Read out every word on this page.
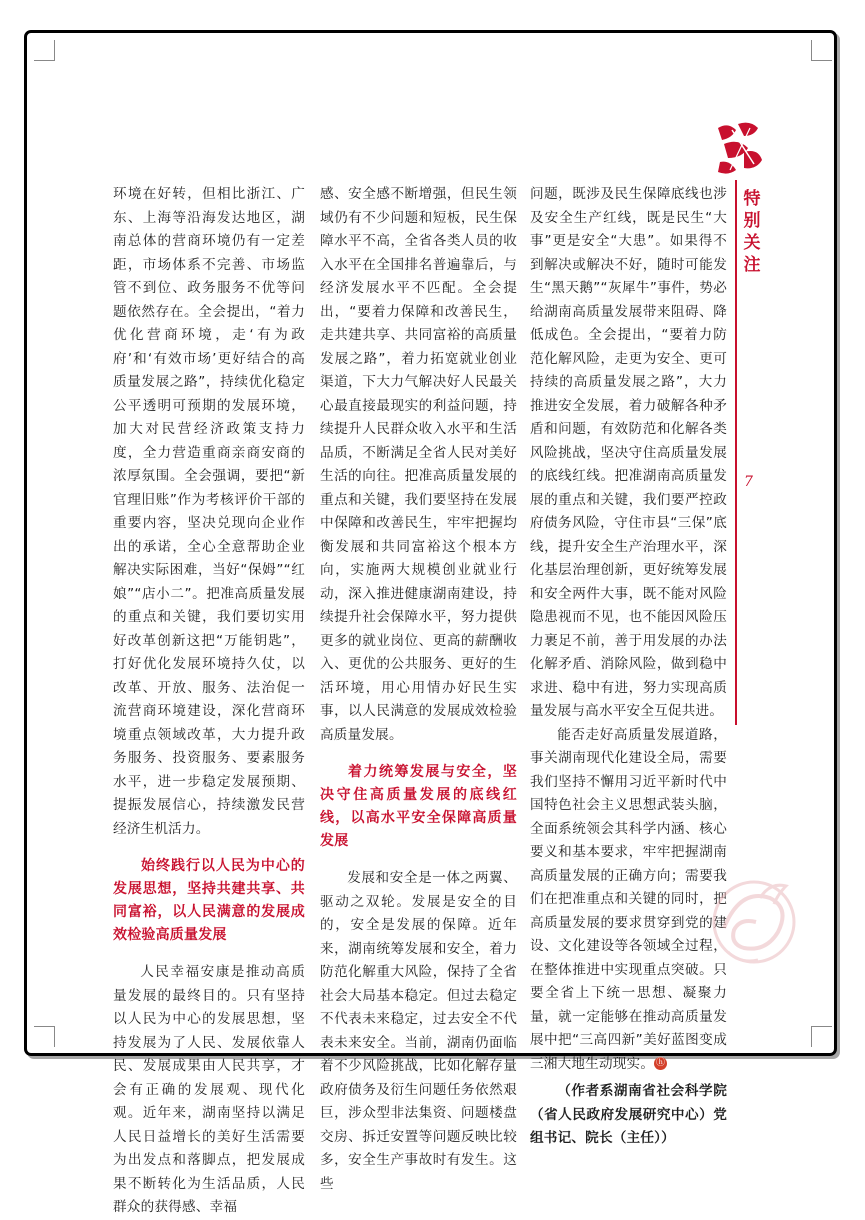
特
别
关
注
7

环境在好转，但相比浙江、广东、上海等沿海发达地区，湖南总体的营商环境仍有一定差距，市场体系不完善、市场监管不到位、政务服务不优等问题依然存在。全会提出，“着力优化营商环境，走‘有为政府’和‘有效市场’更好结合的高质量发展之路”，持续优化稳定公平透明可预期的发展环境，加大对民营经济政策支持力度，全力营造重商亲商安商的浓厚氛围。全会强调，要把“新官理旧账”作为考核评价干部的重要内容，坚决兑现向企业作出的承诺，全心全意帮助企业解决实际困难，当好“保姆”“红娘”“店小二”。把准高质量发展的重点和关键，我们要切实用好改革创新这把“万能钥匙”，打好优化发展环境持久仗，以改革、开放、服务、法治促一流营商环境建设，深化营商环境重点领域改革，大力提升政务服务、投资服务、要素服务水平，进一步稳定发展预期、提振发展信心，持续激发民营经济生机活力。

始终践行以人民为中心的发展思想，坚持共建共享、共同富裕，以人民满意的发展成效检验高质量发展

人民幸福安康是推动高质量发展的最终目的。只有坚持以人民为中心的发展思想，坚持发展为了人民、发展依靠人民、发展成果由人民共享，才会有正确的发展观、现代化观。近年来，湖南坚持以满足人民日益增长的美好生活需要为出发点和落脚点，把发展成果不断转化为生活品质，人民群众的获得感、幸福

感、安全感不断增强，但民生领域仍有不少问题和短板，民生保障水平不高，全省各类人员的收入水平在全国排名普遍靠后，与经济发展水平不匹配。全会提出，“要着力保障和改善民生，走共建共享、共同富裕的高质量发展之路”，着力拓宽就业创业渠道，下大力气解决好人民最关心最直接最现实的利益问题，持续提升人民群众收入水平和生活品质，不断满足全省人民对美好生活的向往。把准高质量发展的重点和关键，我们要坚持在发展中保障和改善民生，牢牢把握均衡发展和共同富裕这个根本方向，实施两大规模创业就业行动，深入推进健康湖南建设，持续提升社会保障水平，努力提供更多的就业岗位、更高的薪酬收入、更优的公共服务、更好的生活环境，用心用情办好民生实事，以人民满意的发展成效检验高质量发展。

着力统筹发展与安全，坚决守住高质量发展的底线红线，以高水平安全保障高质量发展

发展和安全是一体之两翼、驱动之双轮。发展是安全的目的，安全是发展的保障。近年来，湖南统筹发展和安全，着力防范化解重大风险，保持了全省社会大局基本稳定。但过去稳定不代表未来稳定，过去安全不代表未来安全。当前，湖南仍面临着不少风险挑战，比如化解存量政府债务及衍生问题任务依然艰巨，涉众型非法集资、问题楼盘交房、拆迁安置等问题反映比较多，安全生产事故时有发生。这些

问题，既涉及民生保障底线也涉及安全生产红线，既是民生“大事”更是安全“大患”。如果得不到解决或解决不好，随时可能发生“黑天鹅”“灰犀牛”事件，势必给湖南高质量发展带来阻碍、降低成色。全会提出，“要着力防范化解风险，走更为安全、更可持续的高质量发展之路”，大力推进安全发展，着力破解各种矛盾和问题，有效防范和化解各类风险挑战，坚决守住高质量发展的底线红线。把准湖南高质量发展的重点和关键，我们要严控政府债务风险，守住市县“三保”底线，提升安全生产治理水平，深化基层治理创新，更好统筹发展和安全两件大事，既不能对风险隐患视而不见，也不能因风险压力裹足不前，善于用发展的办法化解矛盾、消除风险，做到稳中求进、稳中有进，努力实现高质量发展与高水平安全互促共进。

能否走好高质量发展道路，事关湖南现代化建设全局，需要我们坚持不懈用习近平新时代中国特色社会主义思想武装头脑，全面系统领会其科学内涵、核心要义和基本要求，牢牢把握湖南高质量发展的正确方向；需要我们在把准重点和关键的同时，把高质量发展的要求贯穿到党的建设、文化建设等各领域全过程，在整体推进中实现重点突破。只要全省上下统一思想、凝聚力量，就一定能够在推动高质量发展中把“三高四新”美好蓝图变成三湘大地生动现实。 ⓗ

（作者系湖南省社会科学院（省人民政府发展研究中心）党组书记、院长（主任））
